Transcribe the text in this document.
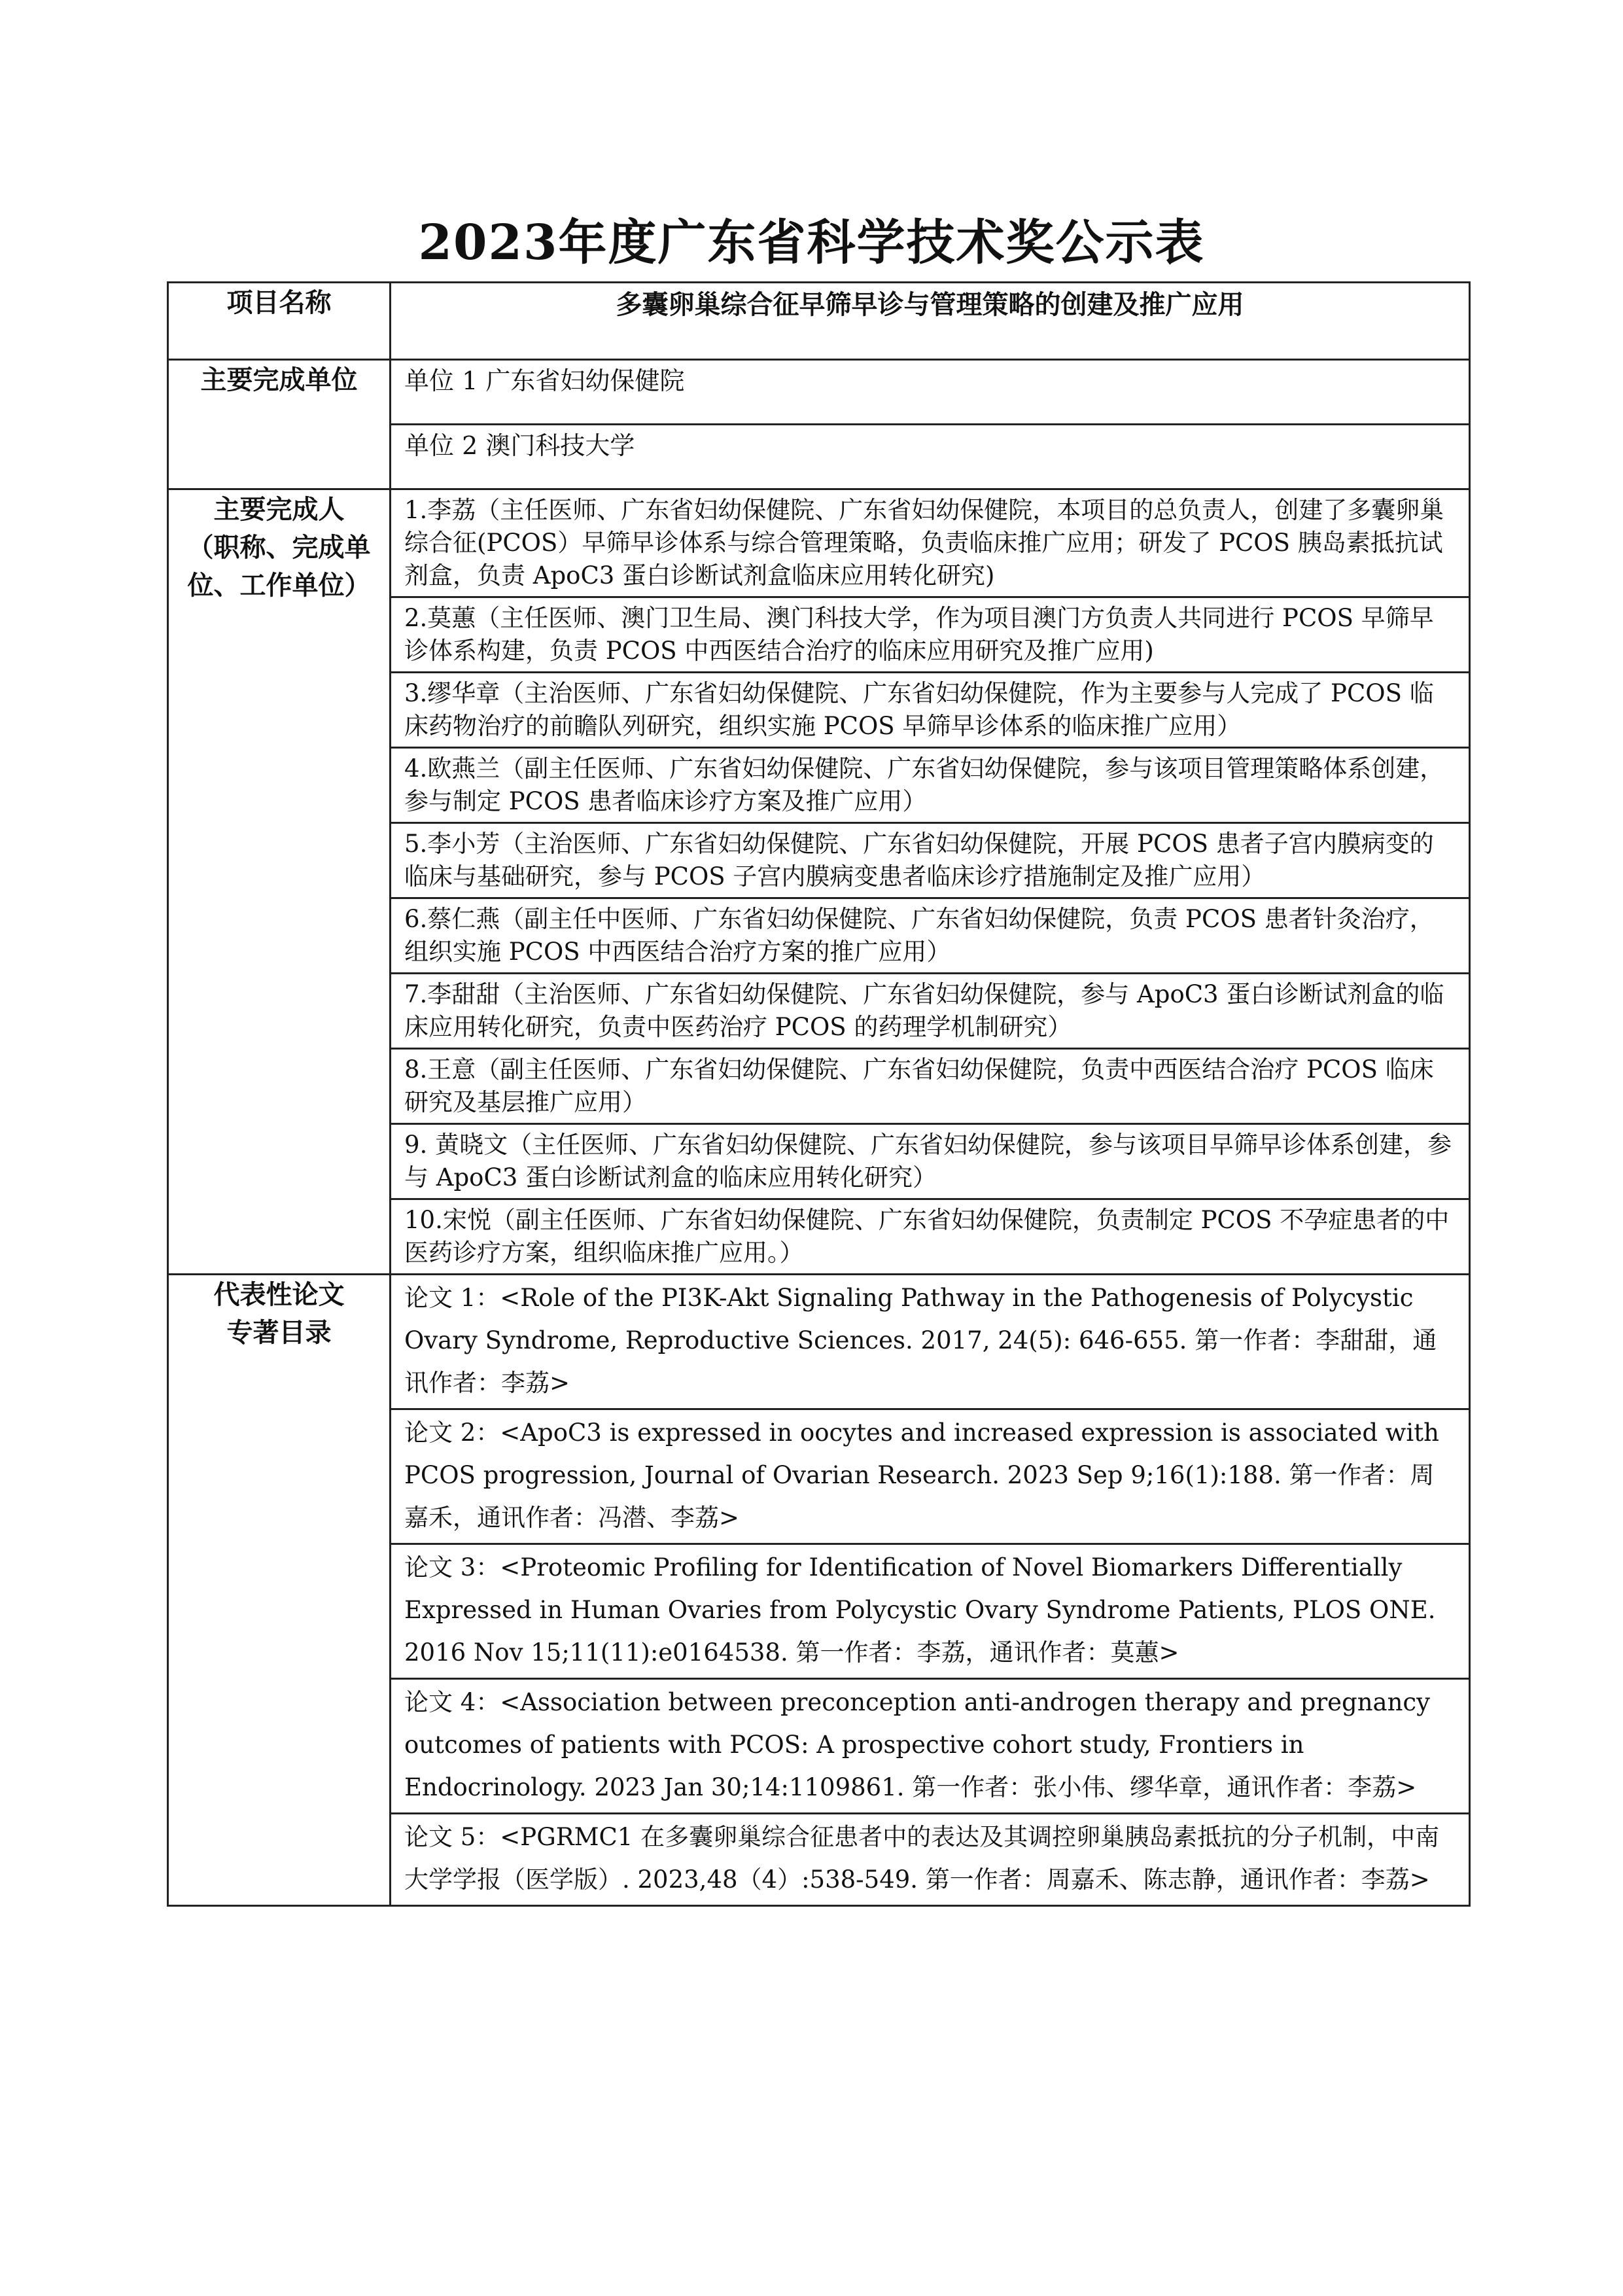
2023年度广东省科学技术奖公示表
项目名称	多囊卵巢综合征早筛早诊与管理策略的创建及推广应用
主要完成单位	单位 1 广东省妇幼保健院
	单位 2 澳门科技大学

主要完成人
（职称、完成单
位、工作单位）	1.李荔（主任医师、广东省妇幼保健院、广东省妇幼保健院，本项目的总负责人，创建了多囊卵巢综合征(PCOS）早筛早诊体系与综合管理策略，负责临床推广应用；研发了 PCOS 胰岛素抵抗试剂盒，负责 ApoC3 蛋白诊断试剂盒临床应用转化研究)
	2.莫蕙（主任医师、澳门卫生局、澳门科技大学，作为项目澳门方负责人共同进行 PCOS 早筛早诊体系构建，负责 PCOS 中西医结合治疗的临床应用研究及推广应用)
	3.缪华章（主治医师、广东省妇幼保健院、广东省妇幼保健院，作为主要参与人完成了 PCOS 临床药物治疗的前瞻队列研究，组织实施 PCOS 早筛早诊体系的临床推广应用）
	4.欧燕兰（副主任医师、广东省妇幼保健院、广东省妇幼保健院，参与该项目管理策略体系创建，参与制定 PCOS 患者临床诊疗方案及推广应用）
	5.李小芳（主治医师、广东省妇幼保健院、广东省妇幼保健院，开展 PCOS 患者子宫内膜病变的临床与基础研究，参与 PCOS 子宫内膜病变患者临床诊疗措施制定及推广应用）
	6.蔡仁燕（副主任中医师、广东省妇幼保健院、广东省妇幼保健院，负责 PCOS 患者针灸治疗，组织实施 PCOS 中西医结合治疗方案的推广应用）
	7.李甜甜（主治医师、广东省妇幼保健院、广东省妇幼保健院，参与 ApoC3 蛋白诊断试剂盒的临床应用转化研究，负责中医药治疗 PCOS 的药理学机制研究）
	8.王意（副主任医师、广东省妇幼保健院、广东省妇幼保健院，负责中西医结合治疗 PCOS 临床研究及基层推广应用）
	9. 黄晓文（主任医师、广东省妇幼保健院、广东省妇幼保健院，参与该项目早筛早诊体系创建，参与 ApoC3 蛋白诊断试剂盒的临床应用转化研究）
	10.宋悦（副主任医师、广东省妇幼保健院、广东省妇幼保健院，负责制定 PCOS 不孕症患者的中医药诊疗方案，组织临床推广应用。）

代表性论文
专著目录	论文 1：<Role of the PI3K-Akt Signaling Pathway in the Pathogenesis of Polycystic Ovary Syndrome, Reproductive Sciences. 2017, 24(5): 646-655. 第一作者：李甜甜，通讯作者：李荔>
	论文 2：<ApoC3 is expressed in oocytes and increased expression is associated with PCOS progression, Journal of Ovarian Research. 2023 Sep 9;16(1):188. 第一作者：周嘉禾，通讯作者：冯潜、李荔>
	论文 3：<Proteomic Profiling for Identification of Novel Biomarkers Differentially Expressed in Human Ovaries from Polycystic Ovary Syndrome Patients, PLOS ONE. 2016 Nov 15;11(11):e0164538. 第一作者：李荔，通讯作者：莫蕙>
	论文 4：<Association between preconception anti-androgen therapy and pregnancy outcomes of patients with PCOS: A prospective cohort study, Frontiers in Endocrinology. 2023 Jan 30;14:1109861. 第一作者：张小伟、缪华章，通讯作者：李荔>
	论文 5：<PGRMC1 在多囊卵巢综合征患者中的表达及其调控卵巢胰岛素抵抗的分子机制，中南大学学报（医学版）. 2023,48（4）:538-549. 第一作者：周嘉禾、陈志静，通讯作者：李荔>
